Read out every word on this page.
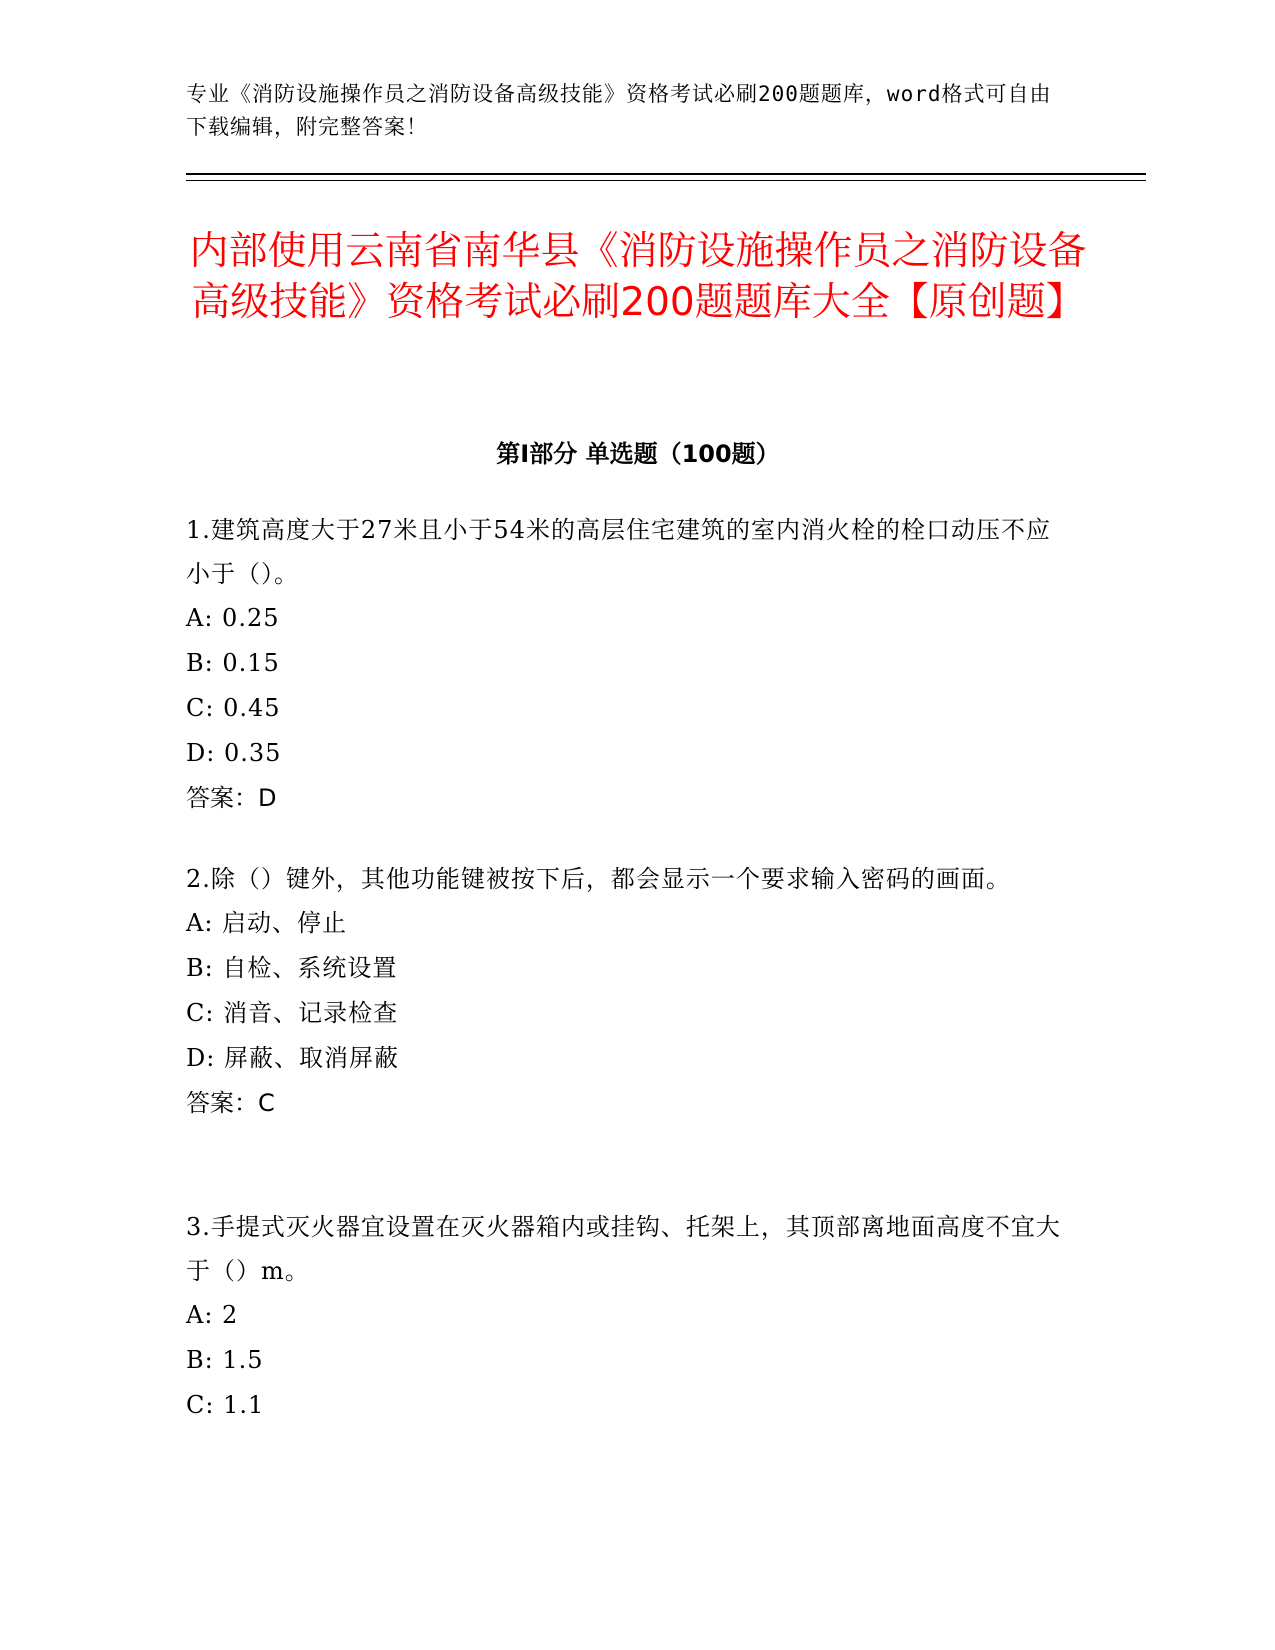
专业《消防设施操作员之消防设备高级技能》资格考试必刷200题题库，word格式可自由下载编辑，附完整答案！
内部使用云南省南华县《消防设施操作员之消防设备高级技能》资格考试必刷200题题库大全【原创题】
第Ⅰ部分 单选题（100题）

1.建筑高度大于27米且小于54米的高层住宅建筑的室内消火栓的栓口动压不应小于（）。

A: 0.25

B: 0.15

C: 0.45

D: 0.35

答案：D

2.除（）键外，其他功能键被按下后，都会显示一个要求输入密码的画面。

A: 启动、停止

B: 自检、系统设置

C: 消音、记录检查

D: 屏蔽、取消屏蔽

答案：C

3.手提式灭火器宜设置在灭火器箱内或挂钩、托架上，其顶部离地面高度不宜大于（）m。

A: 2

B: 1.5

C: 1.1
